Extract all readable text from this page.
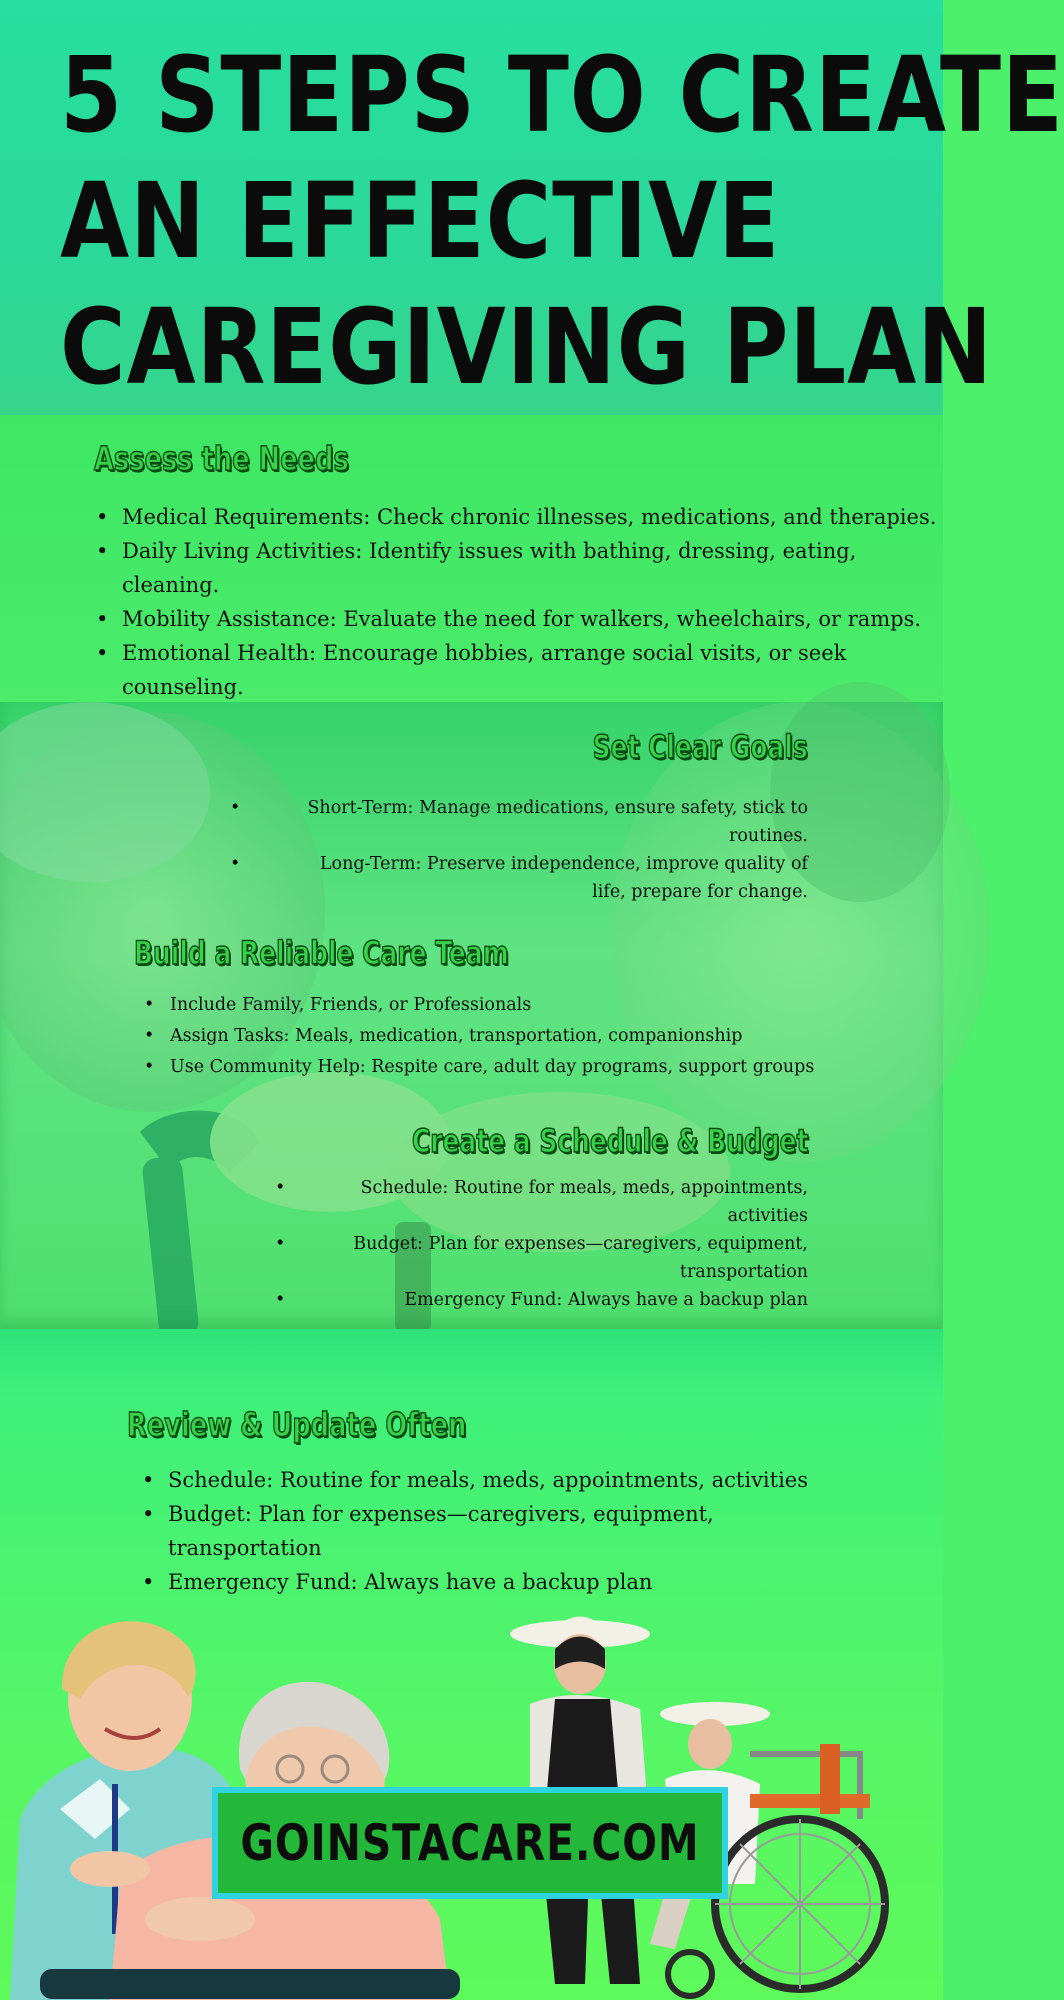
5 STEPS TO CREATE
AN EFFECTIVE
CAREGIVING PLAN
Assess the Needs
• Medical Requirements: Check chronic illnesses, medications, and therapies.
• Daily Living Activities: Identify issues with bathing, dressing, eating, cleaning.
• Mobility Assistance: Evaluate the need for walkers, wheelchairs, or ramps.
• Emotional Health: Encourage hobbies, arrange social visits, or seek counseling.
Set Clear Goals
• Short-Term: Manage medications, ensure safety, stick to routines.
• Long-Term: Preserve independence, improve quality of life, prepare for change.
Build a Reliable Care Team
• Include Family, Friends, or Professionals
• Assign Tasks: Meals, medication, transportation, companionship
• Use Community Help: Respite care, adult day programs, support groups
Create a Schedule & Budget
• Schedule: Routine for meals, meds, appointments, activities
• Budget: Plan for expenses—caregivers, equipment, transportation
• Emergency Fund: Always have a backup plan
Review & Update Often
• Schedule: Routine for meals, meds, appointments, activities
• Budget: Plan for expenses—caregivers, equipment, transportation
• Emergency Fund: Always have a backup plan
GOINSTACARE.COM
